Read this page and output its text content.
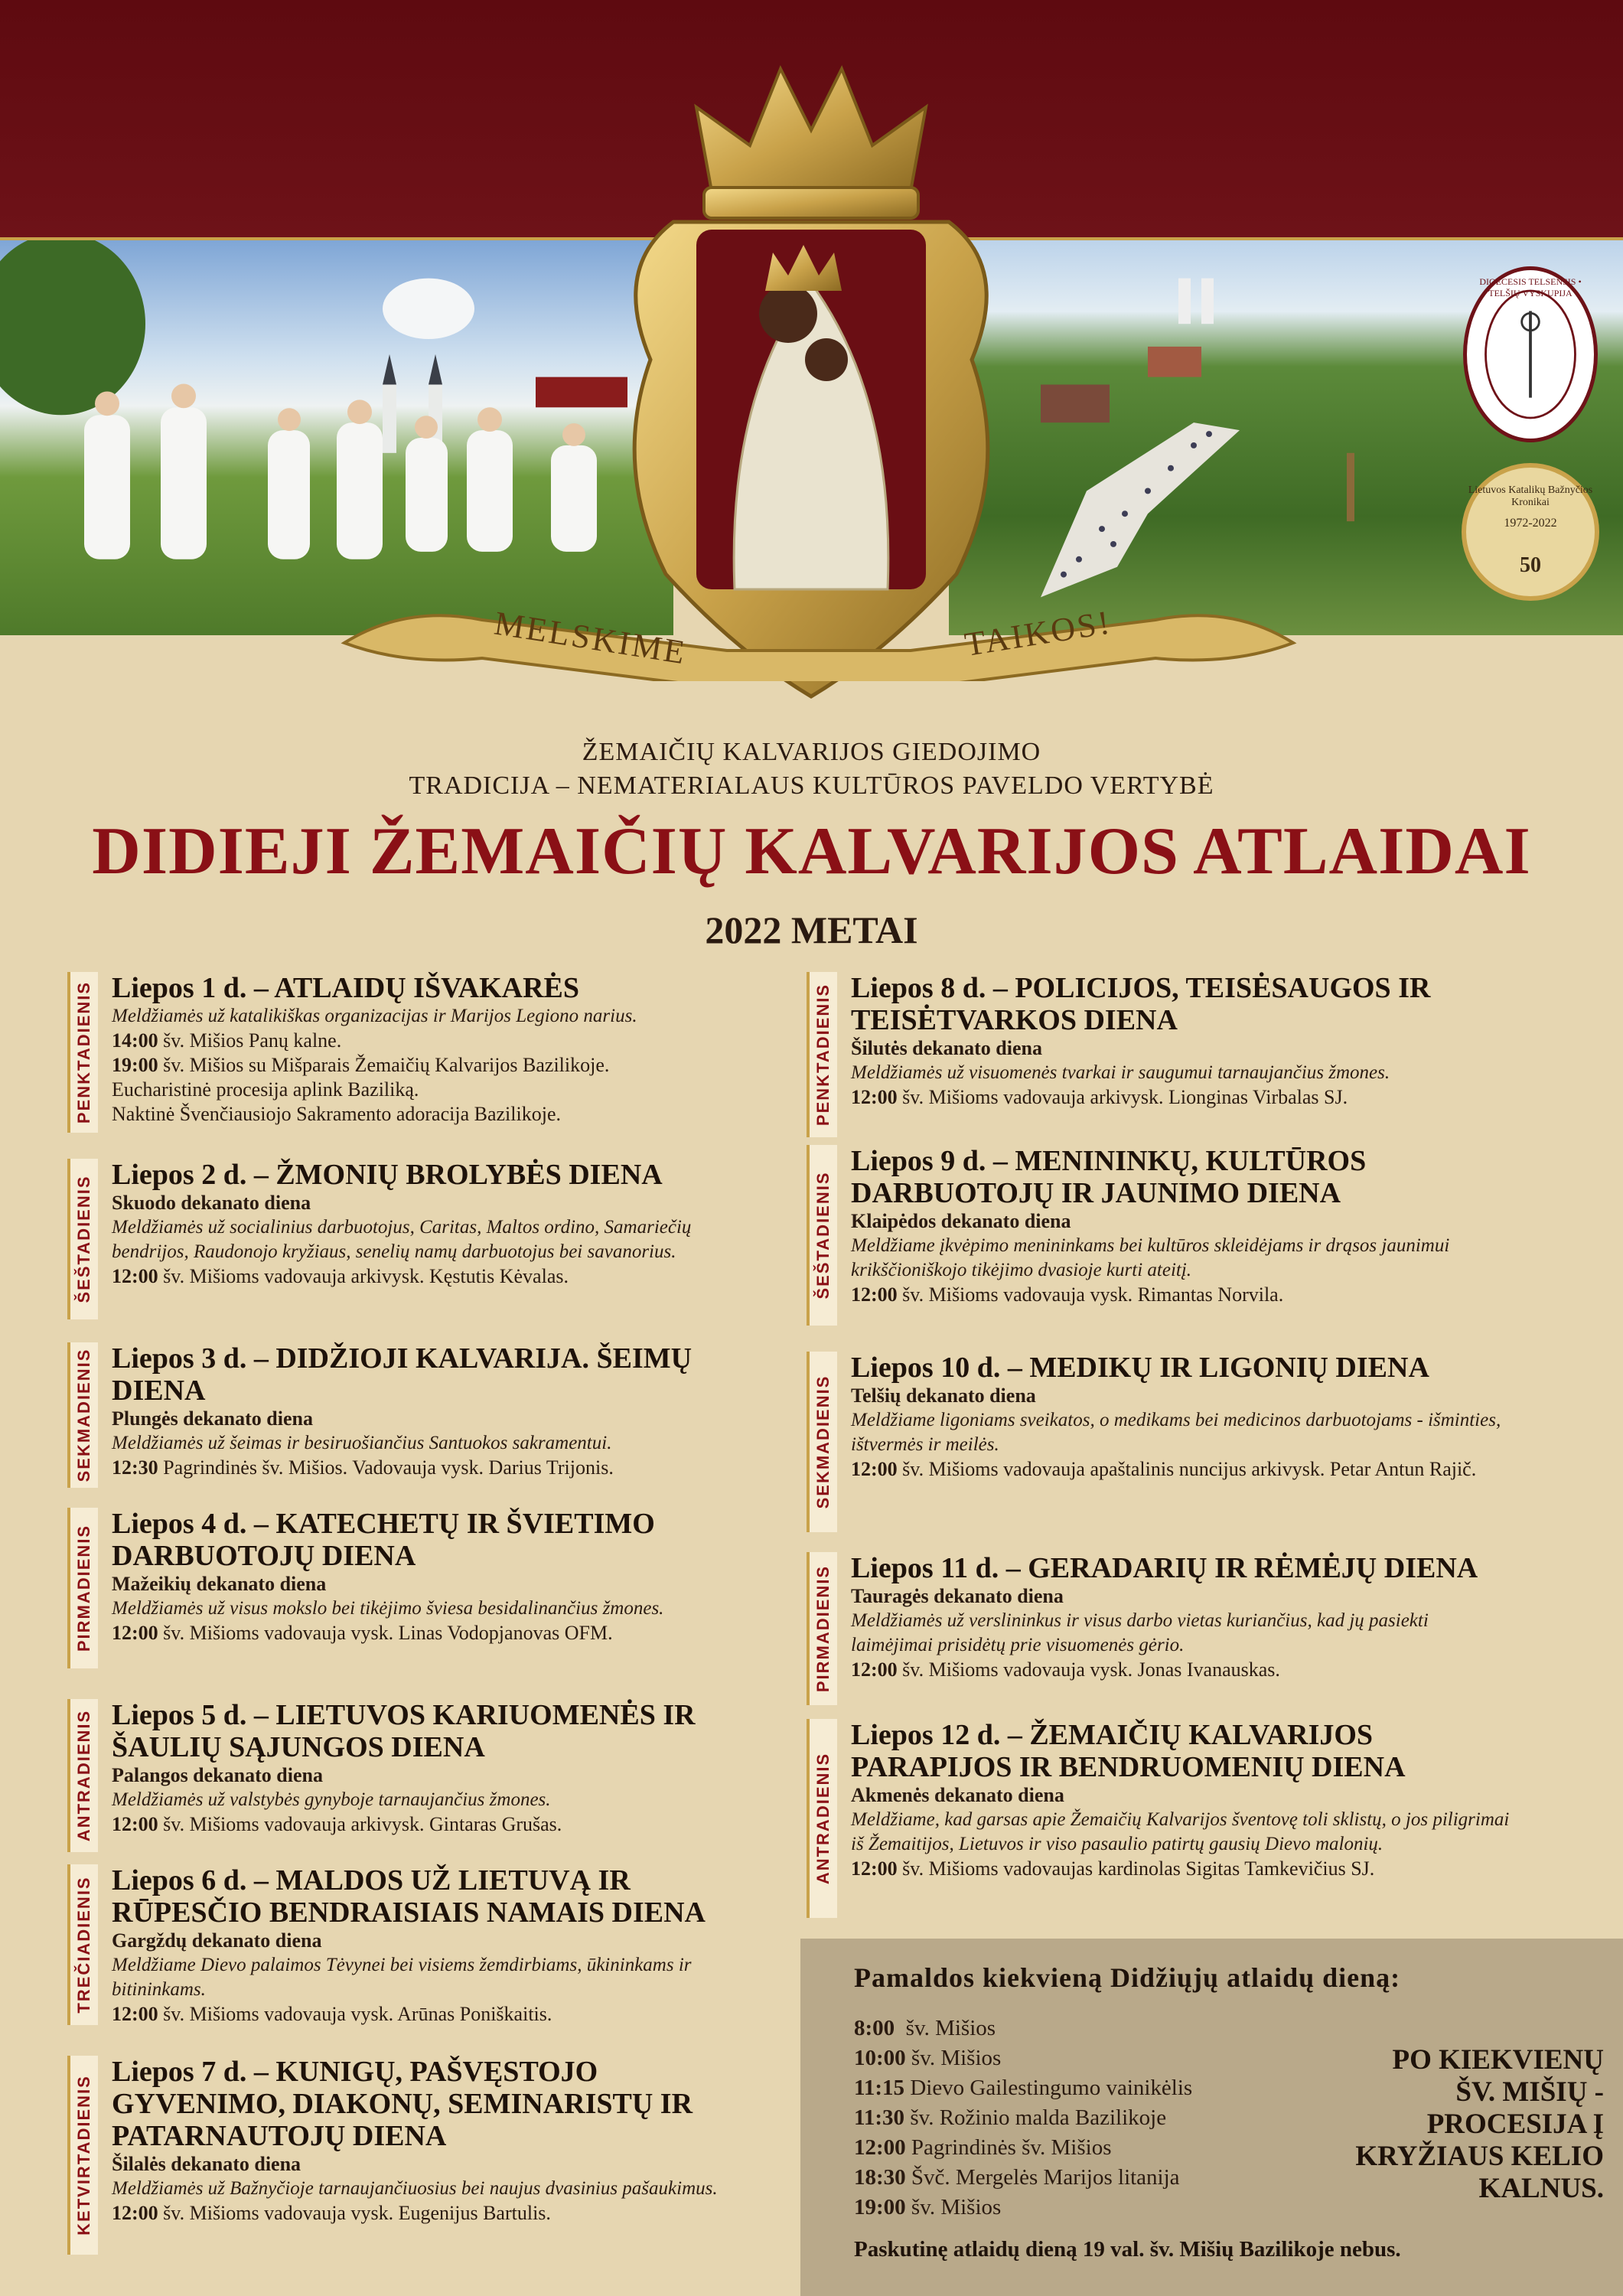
MELSKIME	TAIKOS!
DIOECESIS TELSENSIS • TELŠIŲ VYSKUPIJA
Lietuvos Katalikų Bažnyčios Kronikai
1972-2022
50
ŽEMAIČIŲ KALVARIJOS GIEDOJIMO
TRADICIJA – NEMATERIALAUS KULTŪROS PAVELDO VERTYBĖ
DIDIEJI ŽEMAIČIŲ KALVARIJOS ATLAIDAI
2022 METAI
PENKTADIENIS Liepos 1 d. – ATLAIDŲ IŠVAKARĖS
Meldžiamės už katalikiškas organizacijas ir Marijos Legiono narius.
14:00 šv. Mišios Panų kalne.
19:00 šv. Mišios su Mišparais Žemaičių Kalvarijos Bazilikoje.
Eucharistinė procesija aplink Baziliką.
Naktinė Švenčiausiojo Sakramento adoracija Bazilikoje.
ŠEŠTADIENIS
Liepos 2 d. – ŽMONIŲ BROLYBĖS DIENA
Skuodo dekanato diena
Meldžiamės už socialinius darbuotojus, Caritas, Maltos ordino, Samariečių bendrijos, Raudonojo kryžiaus, senelių namų darbuotojus bei savanorius.
12:00 šv. Mišioms vadovauja arkivysk. Kęstutis Kėvalas.
SEKMADIENIS Liepos 3 d. – DIDŽIOJI KALVARIJA. ŠEIMŲ DIENA
Plungės dekanato diena
Meldžiamės už šeimas ir besiruošiančius Santuokos sakramentui.
12:30 Pagrindinės šv. Mišios. Vadovauja vysk. Darius Trijonis.
PIRMADIENIS
Liepos 4 d. – KATECHETŲ IR ŠVIETIMO DARBUOTOJŲ DIENA
Mažeikių dekanato diena
Meldžiamės už visus mokslo bei tikėjimo šviesa besidalinančius žmones.
12:00 šv. Mišioms vadovauja vysk. Linas Vodopjanovas OFM.
ANTRADIENIS Liepos 5 d. – LIETUVOS KARIUOMENĖS IR ŠAULIŲ SĄJUNGOS DIENA
Palangos dekanato diena
Meldžiamės už valstybės gynyboje tarnaujančius žmones.
12:00 šv. Mišioms vadovauja arkivysk. Gintaras Grušas.
TREČIADIENIS Liepos 6 d. – MALDOS UŽ LIETUVĄ IR RŪPESČIO BENDRAISIAIS NAMAIS DIENA
Gargždų dekanato diena
Meldžiame Dievo palaimos Tėvynei bei visiems žemdirbiams, ūkininkams ir bitininkams.
12:00 šv. Mišioms vadovauja vysk. Arūnas Poniškaitis.
KETVIRTADIENIS
Liepos 7 d. – KUNIGŲ, PAŠVĘSTOJO GYVENIMO, DIAKONŲ, SEMINARISTŲ IR PATARNAUTOJŲ DIENA
Šilalės dekanato diena
Meldžiamės už Bažnyčioje tarnaujančiuosius bei naujus dvasinius pašaukimus.
12:00 šv. Mišioms vadovauja vysk. Eugenijus Bartulis.
PENKTADIENIS Liepos 8 d. – POLICIJOS, TEISĖSAUGOS IR TEISĖTVARKOS DIENA
Šilutės dekanato diena
Meldžiamės už visuomenės tvarkai ir saugumui tarnaujančius žmones.
12:00 šv. Mišioms vadovauja arkivysk. Lionginas Virbalas SJ.
ŠEŠTADIENIS
Liepos 9 d. – MENININKŲ, KULTŪROS DARBUOTOJŲ IR JAUNIMO DIENA
Klaipėdos dekanato diena
Meldžiame įkvėpimo menininkams bei kultūros skleidėjams ir drąsos jaunimui krikščioniškojo tikėjimo dvasioje kurti ateitį.
12:00 šv. Mišioms vadovauja vysk. Rimantas Norvila.
SEKMADIENIS
Liepos 10 d. – MEDIKŲ IR LIGONIŲ DIENA
Telšių dekanato diena
Meldžiame ligoniams sveikatos, o medikams bei medicinos darbuotojams - išminties, ištvermės ir meilės.
12:00 šv. Mišioms vadovauja apaštalinis nuncijus arkivysk. Petar Antun Rajič.
PIRMADIENIS Liepos 11 d. – GERADARIŲ IR RĖMĖJŲ DIENA
Tauragės dekanato diena
Meldžiamės už verslininkus ir visus darbo vietas kuriančius, kad jų pasiekti laimėjimai prisidėtų prie visuomenės gėrio.
12:00 šv. Mišioms vadovauja vysk. Jonas Ivanauskas.
ANTRADIENIS
Liepos 12 d. – ŽEMAIČIŲ KALVARIJOS PARAPIJOS IR BENDRUOMENIŲ DIENA
Akmenės dekanato diena
Meldžiame, kad garsas apie Žemaičių Kalvarijos šventovę toli sklistų, o jos piligrimai iš Žemaitijos, Lietuvos ir viso pasaulio patirtų gausių Dievo malonių.
12:00 šv. Mišioms vadovaujas kardinolas Sigitas Tamkevičius SJ.
Pamaldos kiekvieną Didžiųjų atlaidų dieną:
8:00 šv. Mišios
10:00 šv. Mišios
11:15 Dievo Gailestingumo vainikėlis
11:30 šv. Rožinio malda Bazilikoje
12:00 Pagrindinės šv. Mišios
18:30 Švč. Mergelės Marijos litanija
19:00 šv. Mišios
PO KIEKVIENŲ
ŠV. MIŠIŲ -
PROCESIJA Į
KRYŽIAUS KELIO
KALNUS.
Paskutinę atlaidų dieną 19 val. šv. Mišių Bazilikoje nebus.
